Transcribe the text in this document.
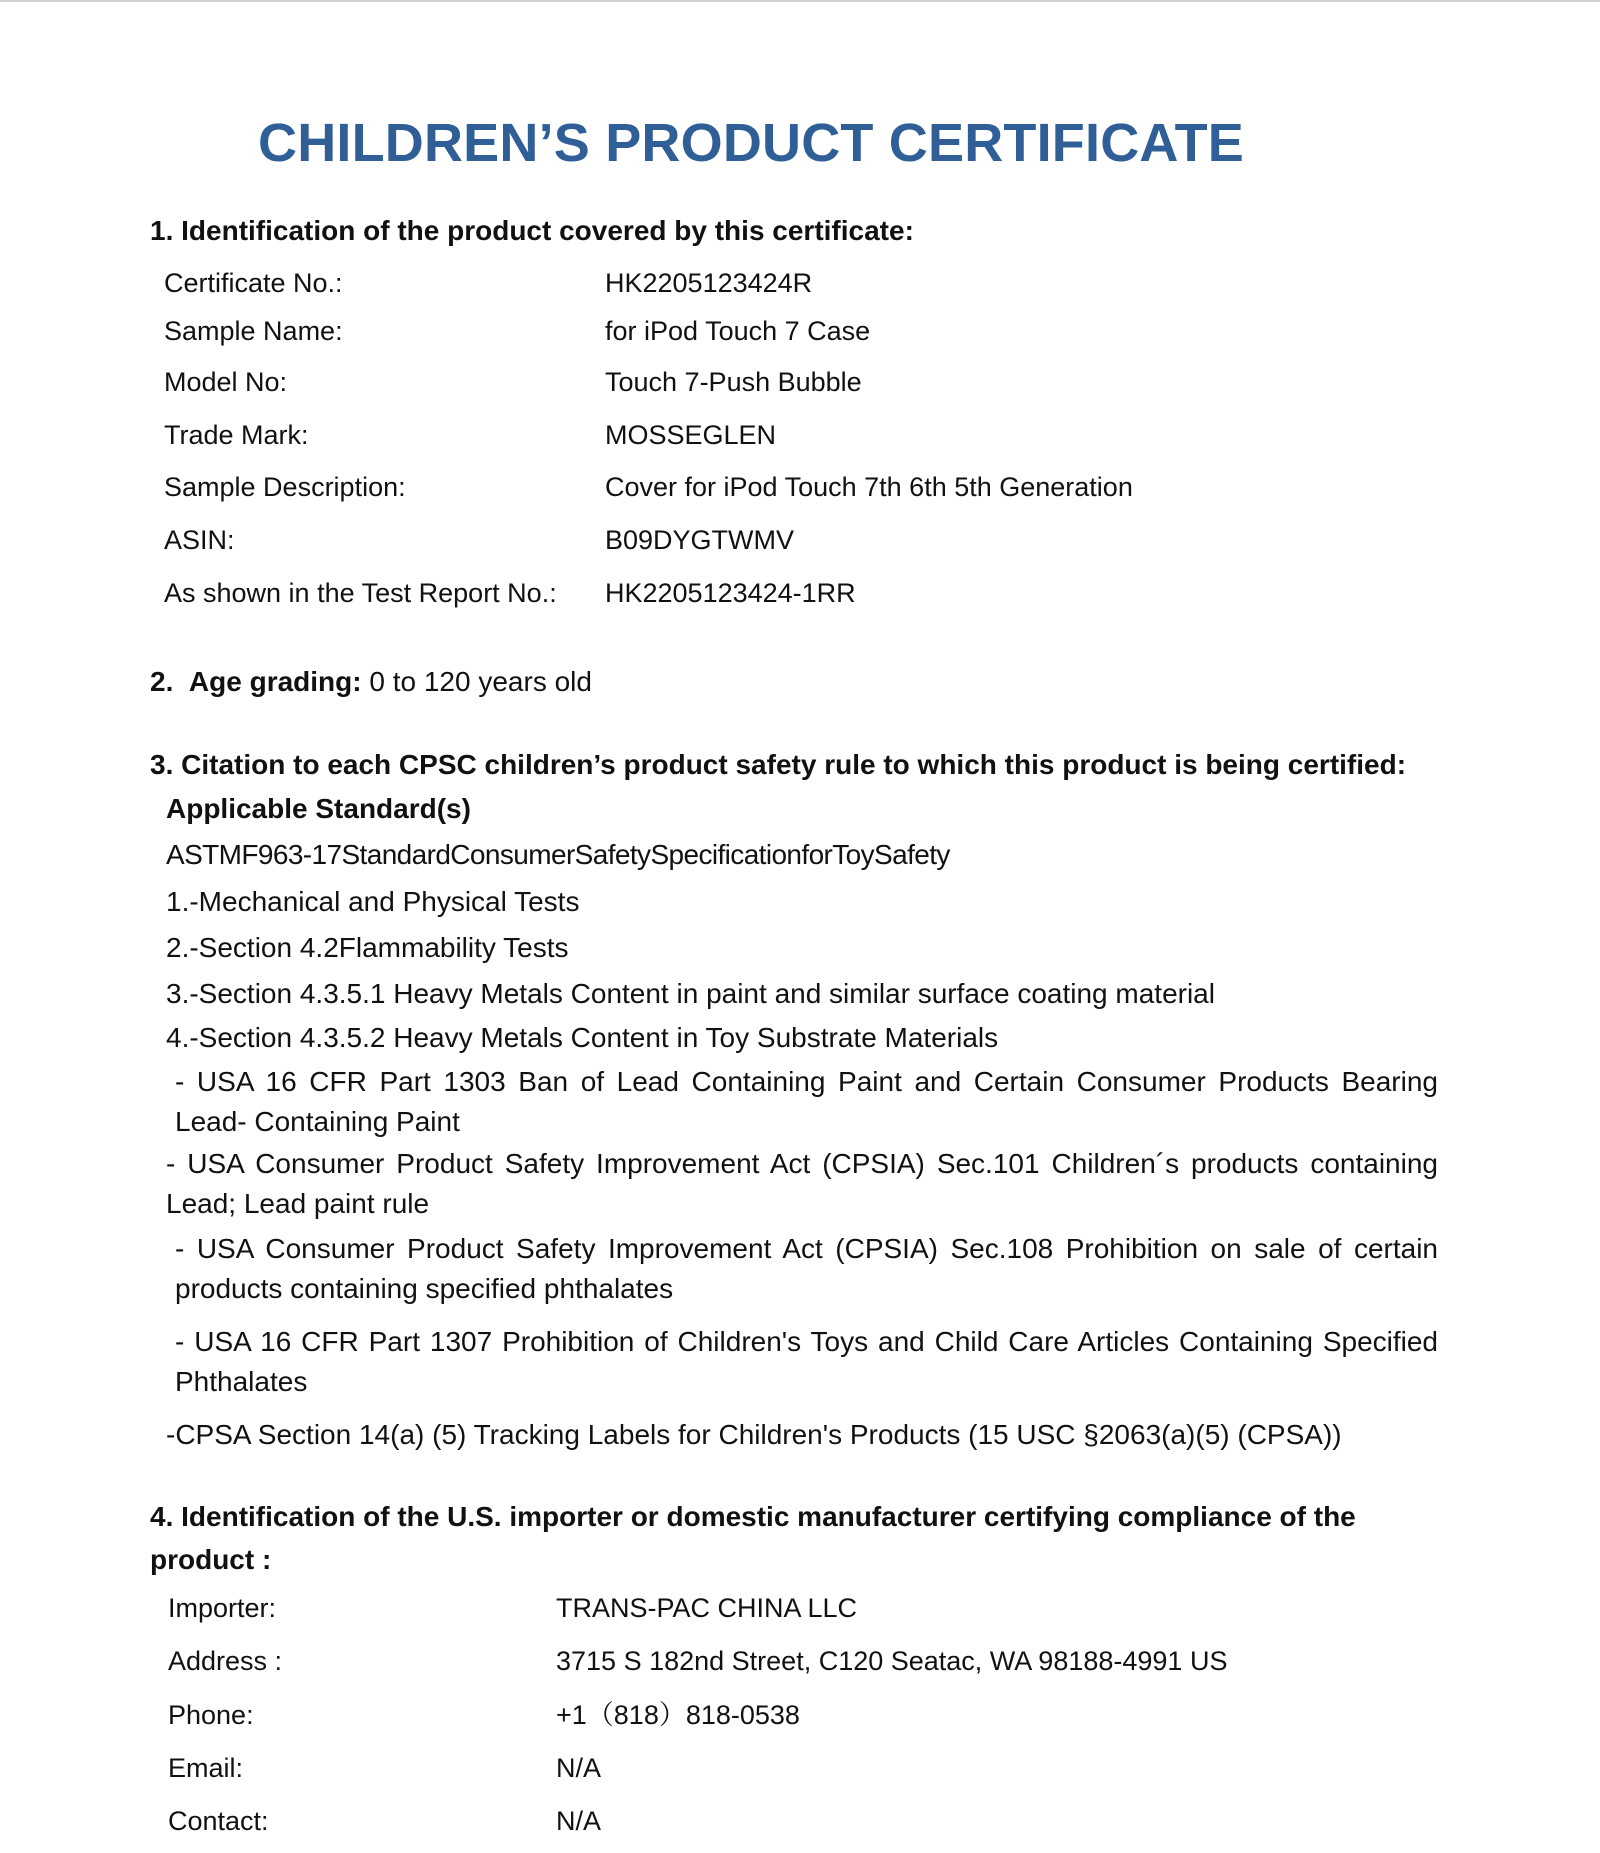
CHILDREN’S PRODUCT CERTIFICATE
1. Identification of the product covered by this certificate:
Certificate No.:	HK2205123424R
Sample Name:	for iPod Touch 7 Case
Model No:	Touch 7-Push Bubble
Trade Mark:	MOSSEGLEN
Sample Description:	Cover for iPod Touch 7th 6th 5th Generation
ASIN:	B09DYGTWMV
As shown in the Test Report No.: HK2205123424-1RR
2. Age grading: 0 to 120 years old
3. Citation to each CPSC children’s product safety rule to which this product is being certified:
Applicable Standard(s)
ASTMF963-17StandardConsumerSafetySpecificationforToySafety
1.-Mechanical and Physical Tests
2.-Section 4.2Flammability Tests
3.-Section 4.3.5.1 Heavy Metals Content in paint and similar surface coating material
4.-Section 4.3.5.2 Heavy Metals Content in Toy Substrate Materials
- USA 16 CFR Part 1303 Ban of Lead Containing Paint and Certain Consumer Products Bearing Lead- Containing Paint
- USA Consumer Product Safety Improvement Act (CPSIA) Sec.101 Children´s products containing Lead; Lead paint rule
- USA Consumer Product Safety Improvement Act (CPSIA) Sec.108 Prohibition on sale of certain products containing specified phthalates
- USA 16 CFR Part 1307 Prohibition of Children's Toys and Child Care Articles Containing Specified Phthalates
-CPSA Section 14(a) (5) Tracking Labels for Children's Products (15 USC §2063(a)(5) (CPSA))
4. Identification of the U.S. importer or domestic manufacturer certifying compliance of the
product :
Importer:	TRANS-PAC CHINA LLC
Address :	3715 S 182nd Street, C120 Seatac, WA 98188-4991 US
Phone:	+1（818）818-0538
Email:	N/A
Contact:	N/A
